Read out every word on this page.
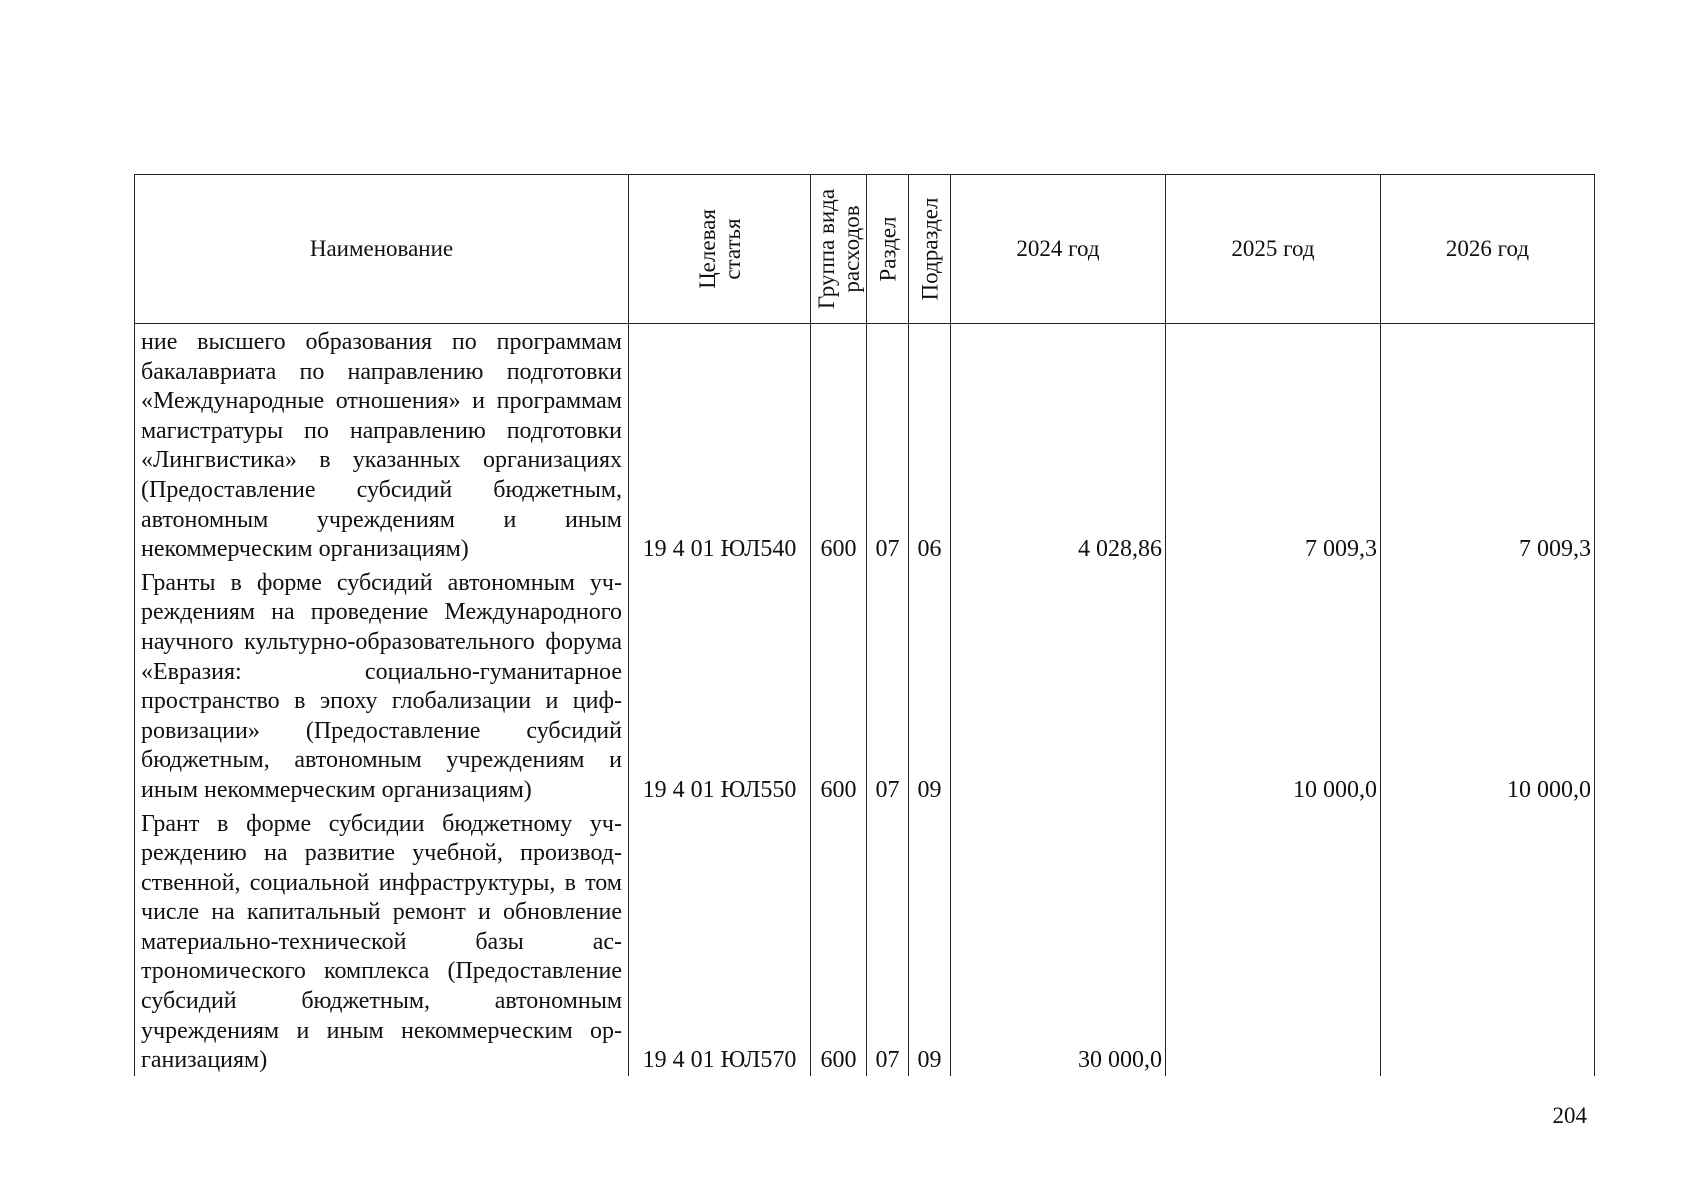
Наименование	Целевая статья	Группа вида расходов	Раздел	Подраздел	2024 год	2025 год	2026 год
ние высшего образования по программам бакалавриата по направлению подготовки «Международные отношения» и программам магистратуры по направлению подготовки «Лингвистика» в указанных организациях (Предоставление субсидий бюджетным, автономным учреждениям и иным некоммерческим организациям)	19 4 01 ЮЛ540	600	07	06	4 028,86	7 009,3	7 009,3
Гранты в форме субсидий автономным учреждениям на проведение Международного научного культурно-образовательного форума «Евразия: социально-гуманитарное пространство в эпоху глобализации и цифровизации» (Предоставление субсидий бюджетным, автономным учреждениям и иным некоммерческим организациям)	19 4 01 ЮЛ550	600	07	09		10 000,0	10 000,0
Грант в форме субсидии бюджетному учреждению на развитие учебной, производственной, социальной инфраструктуры, в том числе на капитальный ремонт и обновление материально-технической базы астрономического комплекса (Предоставление субсидий бюджетным, автономным учреждениям и иным некоммерческим организациям)	19 4 01 ЮЛ570	600	07	09	30 000,0		
204
